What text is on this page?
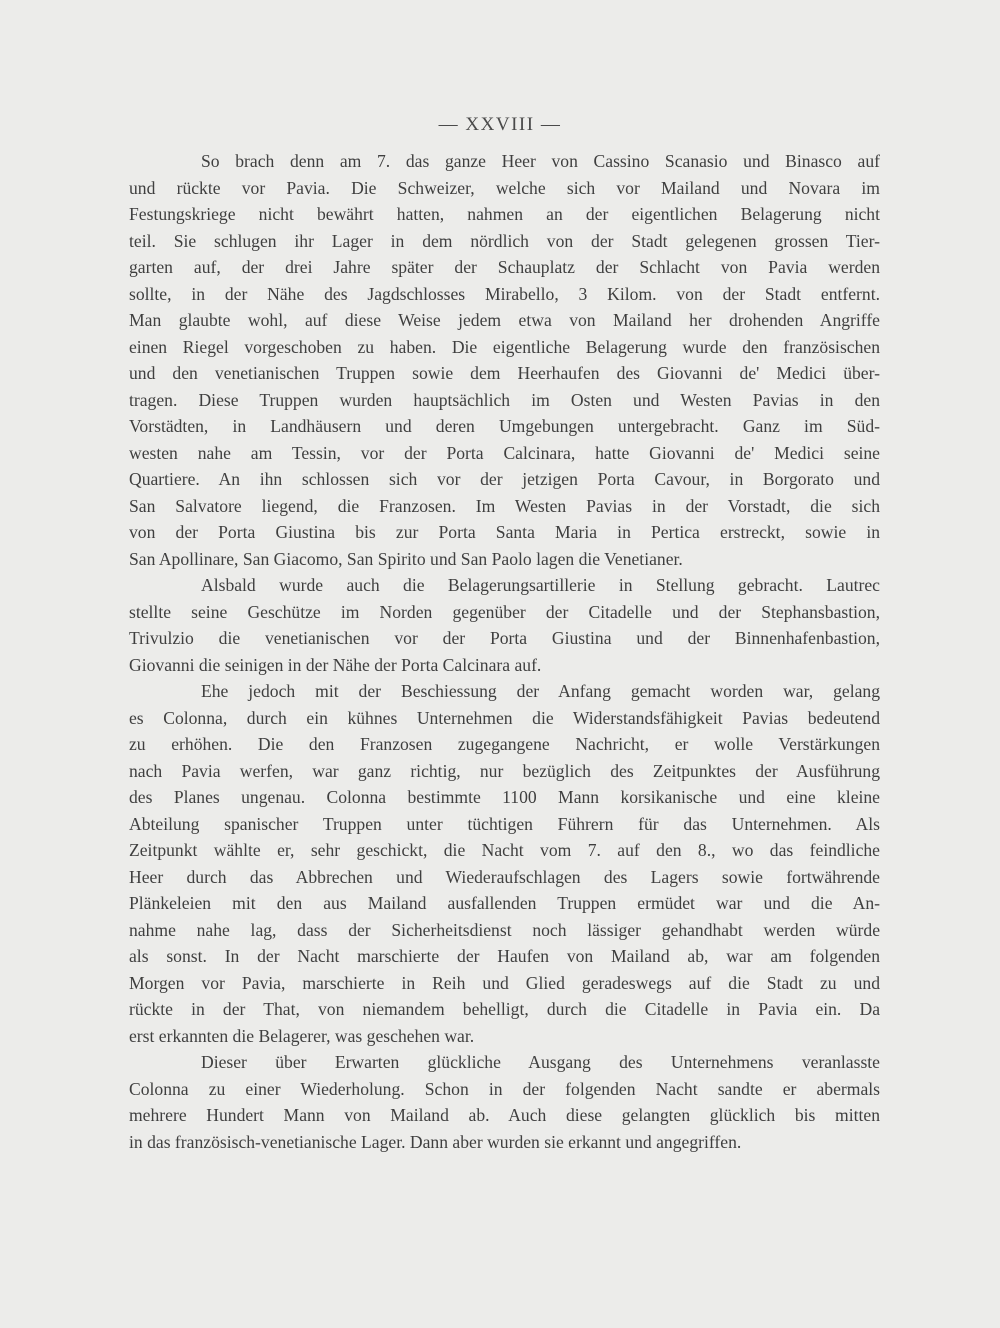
— XXVIII —
So brach denn am 7. das ganze Heer von Cassino Scanasio und Binasco auf
und rückte vor Pavia. Die Schweizer, welche sich vor Mailand und Novara im
Festungskriege nicht bewährt hatten, nahmen an der eigentlichen Belagerung nicht
teil. Sie schlugen ihr Lager in dem nördlich von der Stadt gelegenen grossen Tier-
garten auf, der drei Jahre später der Schauplatz der Schlacht von Pavia werden
sollte, in der Nähe des Jagdschlosses Mirabello, 3 Kilom. von der Stadt entfernt.
Man glaubte wohl, auf diese Weise jedem etwa von Mailand her drohenden Angriffe
einen Riegel vorgeschoben zu haben. Die eigentliche Belagerung wurde den französischen
und den venetianischen Truppen sowie dem Heerhaufen des Giovanni de' Medici über-
tragen. Diese Truppen wurden hauptsächlich im Osten und Westen Pavias in den
Vorstädten, in Landhäusern und deren Umgebungen untergebracht. Ganz im Süd-
westen nahe am Tessin, vor der Porta Calcinara, hatte Giovanni de' Medici seine
Quartiere. An ihn schlossen sich vor der jetzigen Porta Cavour, in Borgorato und
San Salvatore liegend, die Franzosen. Im Westen Pavias in der Vorstadt, die sich
von der Porta Giustina bis zur Porta Santa Maria in Pertica erstreckt, sowie in
San Apollinare, San Giacomo, San Spirito und San Paolo lagen die Venetianer.
Alsbald wurde auch die Belagerungsartillerie in Stellung gebracht. Lautrec
stellte seine Geschütze im Norden gegenüber der Citadelle und der Stephansbastion,
Trivulzio die venetianischen vor der Porta Giustina und der Binnenhafenbastion,
Giovanni die seinigen in der Nähe der Porta Calcinara auf.
Ehe jedoch mit der Beschiessung der Anfang gemacht worden war, gelang
es Colonna, durch ein kühnes Unternehmen die Widerstandsfähigkeit Pavias bedeutend
zu erhöhen. Die den Franzosen zugegangene Nachricht, er wolle Verstärkungen
nach Pavia werfen, war ganz richtig, nur bezüglich des Zeitpunktes der Ausführung
des Planes ungenau. Colonna bestimmte 1100 Mann korsikanische und eine kleine
Abteilung spanischer Truppen unter tüchtigen Führern für das Unternehmen. Als
Zeitpunkt wählte er, sehr geschickt, die Nacht vom 7. auf den 8., wo das feindliche
Heer durch das Abbrechen und Wiederaufschlagen des Lagers sowie fortwährende
Plänkeleien mit den aus Mailand ausfallenden Truppen ermüdet war und die An-
nahme nahe lag, dass der Sicherheitsdienst noch lässiger gehandhabt werden würde
als sonst. In der Nacht marschierte der Haufen von Mailand ab, war am folgenden
Morgen vor Pavia, marschierte in Reih und Glied geradeswegs auf die Stadt zu und
rückte in der That, von niemandem behelligt, durch die Citadelle in Pavia ein. Da
erst erkannten die Belagerer, was geschehen war.
Dieser über Erwarten glückliche Ausgang des Unternehmens veranlasste
Colonna zu einer Wiederholung. Schon in der folgenden Nacht sandte er abermals
mehrere Hundert Mann von Mailand ab. Auch diese gelangten glücklich bis mitten
in das französisch-venetianische Lager. Dann aber wurden sie erkannt und angegriffen.
